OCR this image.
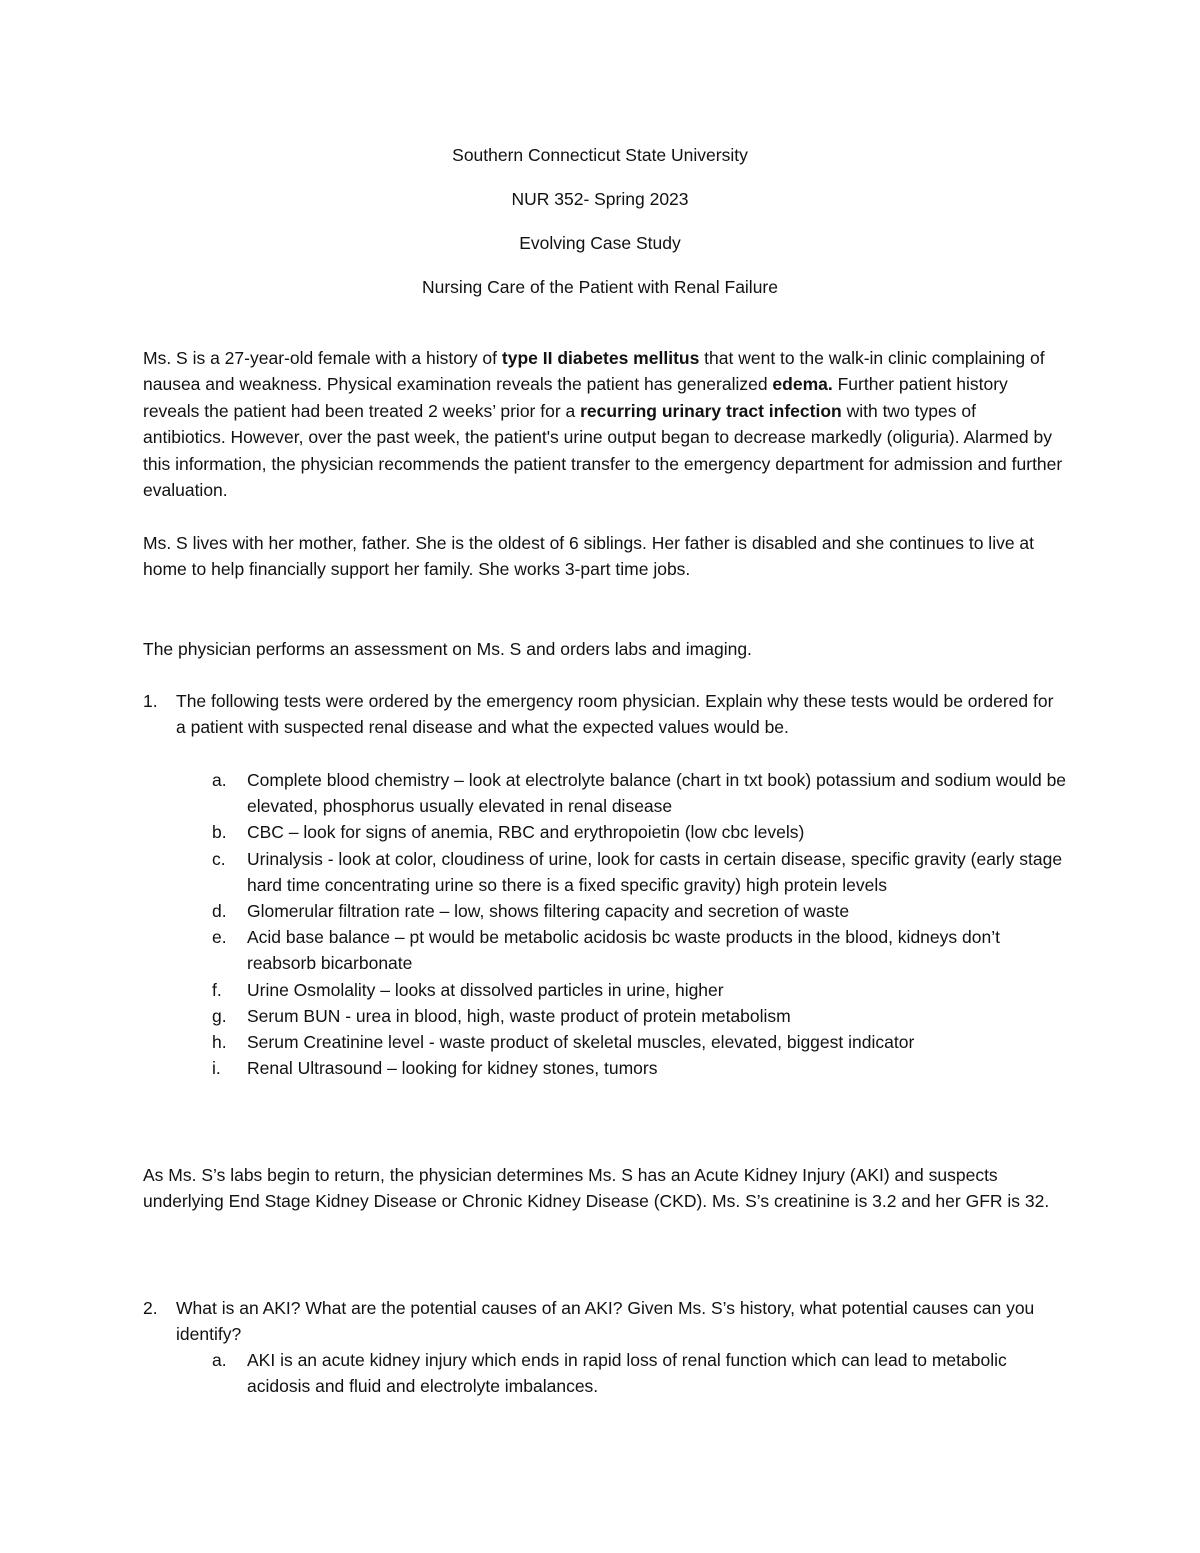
Southern Connecticut State University
NUR 352- Spring 2023
Evolving Case Study
Nursing Care of the Patient with Renal Failure
Ms. S is a 27-year-old female with a history of type II diabetes mellitus that went to the walk-in clinic complaining of nausea and weakness. Physical examination reveals the patient has generalized edema. Further patient history reveals the patient had been treated 2 weeks’ prior for a recurring urinary tract infection with two types of antibiotics. However, over the past week, the patient's urine output began to decrease markedly (oliguria). Alarmed by this information, the physician recommends the patient transfer to the emergency department for admission and further evaluation.
Ms. S lives with her mother, father. She is the oldest of 6 siblings. Her father is disabled and she continues to live at home to help financially support her family. She works 3-part time jobs.
The physician performs an assessment on Ms. S and orders labs and imaging.
1. The following tests were ordered by the emergency room physician. Explain why these tests would be ordered for a patient with suspected renal disease and what the expected values would be.
a. Complete blood chemistry – look at electrolyte balance (chart in txt book) potassium and sodium would be elevated, phosphorus usually elevated in renal disease
b. CBC – look for signs of anemia, RBC and erythropoietin (low cbc levels)
c. Urinalysis - look at color, cloudiness of urine, look for casts in certain disease, specific gravity (early stage hard time concentrating urine so there is a fixed specific gravity) high protein levels
d. Glomerular filtration rate – low, shows filtering capacity and secretion of waste
e. Acid base balance – pt would be metabolic acidosis bc waste products in the blood, kidneys don’t reabsorb bicarbonate
f. Urine Osmolality – looks at dissolved particles in urine, higher
g. Serum BUN - urea in blood, high, waste product of protein metabolism
h. Serum Creatinine level - waste product of skeletal muscles, elevated, biggest indicator
i. Renal Ultrasound – looking for kidney stones, tumors
As Ms. S’s labs begin to return, the physician determines Ms. S has an Acute Kidney Injury (AKI) and suspects underlying End Stage Kidney Disease or Chronic Kidney Disease (CKD). Ms. S’s creatinine is 3.2 and her GFR is 32.
2. What is an AKI? What are the potential causes of an AKI? Given Ms. S’s history, what potential causes can you identify?
a. AKI is an acute kidney injury which ends in rapid loss of renal function which can lead to metabolic acidosis and fluid and electrolyte imbalances.
